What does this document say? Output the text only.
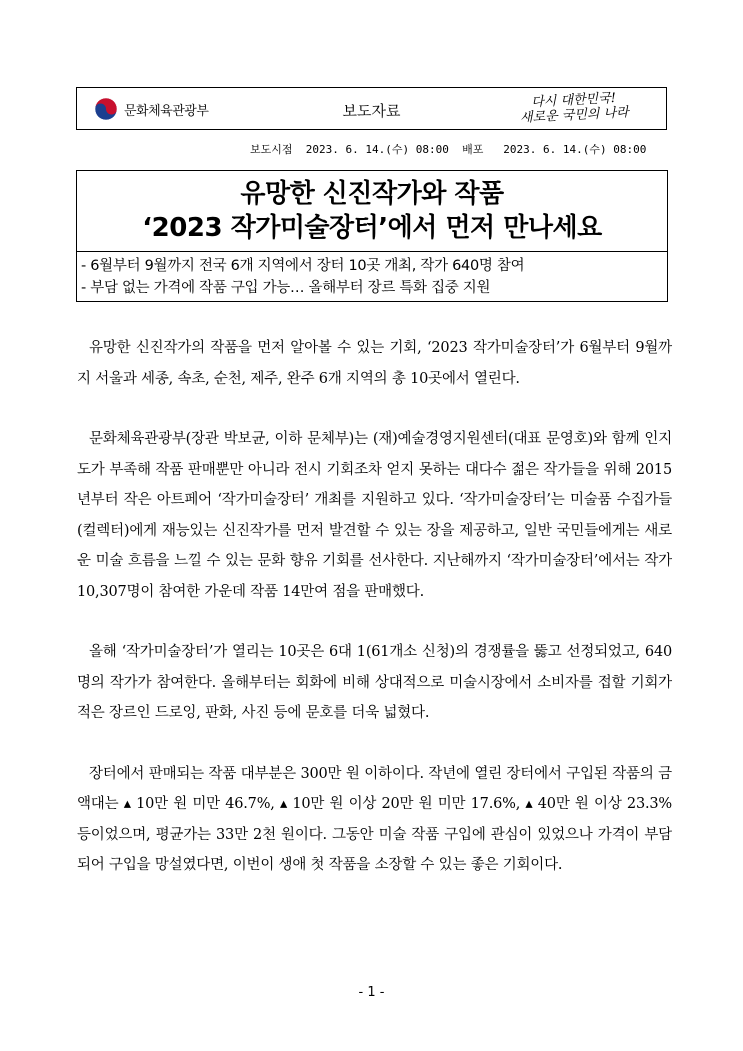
문화체육관광부	보도자료
다시 대한민국!
새로운 국민의 나라
보도시점 2023. 6. 14.(수) 08:00 배포 2023. 6. 14.(수) 08:00
유망한 신진작가와 작품
‘2023 작가미술장터’에서 먼저 만나세요
- 6월부터 9월까지 전국 6개 지역에서 장터 10곳 개최, 작가 640명 참여
- 부담 없는 가격에 작품 구입 가능… 올해부터 장르 특화 집중 지원

유망한 신진작가의 작품을 먼저 알아볼 수 있는 기회, ‘2023 작가미술장터’가 6월부터 9월까지 서울과 세종, 속초, 순천, 제주, 완주 6개 지역의 총 10곳에서 열린다.

문화체육관광부(장관 박보균, 이하 문체부)는 (재)예술경영지원센터(대표 문영호)와 함께 인지도가 부족해 작품 판매뿐만 아니라 전시 기회조차 얻지 못하는 대다수 젊은 작가들을 위해 2015년부터 작은 아트페어 ‘작가미술장터’ 개최를 지원하고 있다. ‘작가미술장터’는 미술품 수집가들(컬렉터)에게 재능있는 신진작가를 먼저 발견할 수 있는 장을 제공하고, 일반 국민들에게는 새로운 미술 흐름을 느낄 수 있는 문화 향유 기회를 선사한다. 지난해까지 ‘작가미술장터’에서는 작가 10,307명이 참여한 가운데 작품 14만여 점을 판매했다.

올해 ‘작가미술장터’가 열리는 10곳은 6대 1(61개소 신청)의 경쟁률을 뚫고 선정되었고, 640명의 작가가 참여한다. 올해부터는 회화에 비해 상대적으로 미술시장에서 소비자를 접할 기회가 적은 장르인 드로잉, 판화, 사진 등에 문호를 더욱 넓혔다.

장터에서 판매되는 작품 대부분은 300만 원 이하이다. 작년에 열린 장터에서 구입된 작품의 금액대는 ▴ 10만 원 미만 46.7%, ▴ 10만 원 이상 20만 원 미만 17.6%, ▴ 40만 원 이상 23.3% 등이었으며, 평균가는 33만 2천 원이다. 그동안 미술 작품 구입에 관심이 있었으나 가격이 부담되어 구입을 망설였다면, 이번이 생애 첫 작품을 소장할 수 있는 좋은 기회이다.

- 1 -
